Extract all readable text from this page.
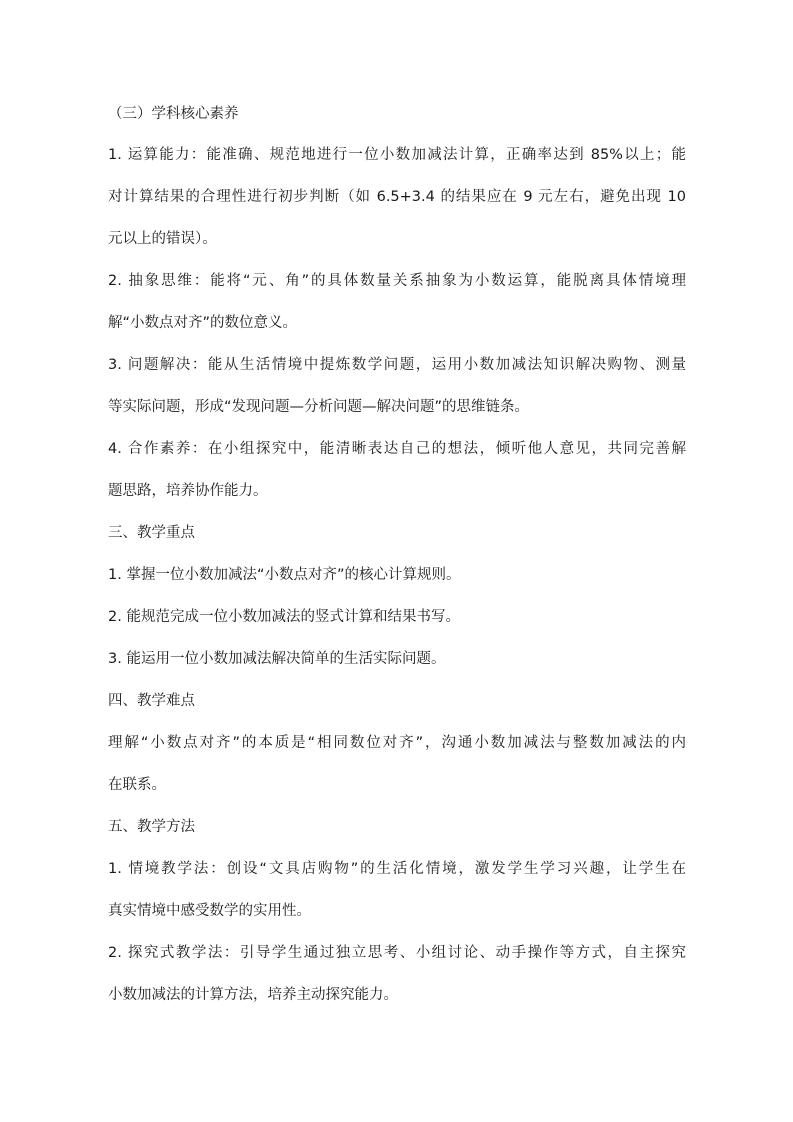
（三）学科核心素养
1. 运算能力：能准确、规范地进行一位小数加减法计算，正确率达到 85%以上；能
对计算结果的合理性进行初步判断（如 6.5+3.4 的结果应在 9 元左右，避免出现 10
元以上的错误）。
2. 抽象思维：能将“元、角”的具体数量关系抽象为小数运算，能脱离具体情境理
解“小数点对齐”的数位意义。
3. 问题解决：能从生活情境中提炼数学问题，运用小数加减法知识解决购物、测量
等实际问题，形成“发现问题—分析问题—解决问题”的思维链条。
4. 合作素养：在小组探究中，能清晰表达自己的想法，倾听他人意见，共同完善解
题思路，培养协作能力。
三、教学重点
1. 掌握一位小数加减法“小数点对齐”的核心计算规则。
2. 能规范完成一位小数加减法的竖式计算和结果书写。
3. 能运用一位小数加减法解决简单的生活实际问题。
四、教学难点
理解“小数点对齐”的本质是“相同数位对齐”，沟通小数加减法与整数加减法的内
在联系。
五、教学方法
1. 情境教学法：创设“文具店购物”的生活化情境，激发学生学习兴趣，让学生在
真实情境中感受数学的实用性。
2. 探究式教学法：引导学生通过独立思考、小组讨论、动手操作等方式，自主探究
小数加减法的计算方法，培养主动探究能力。
